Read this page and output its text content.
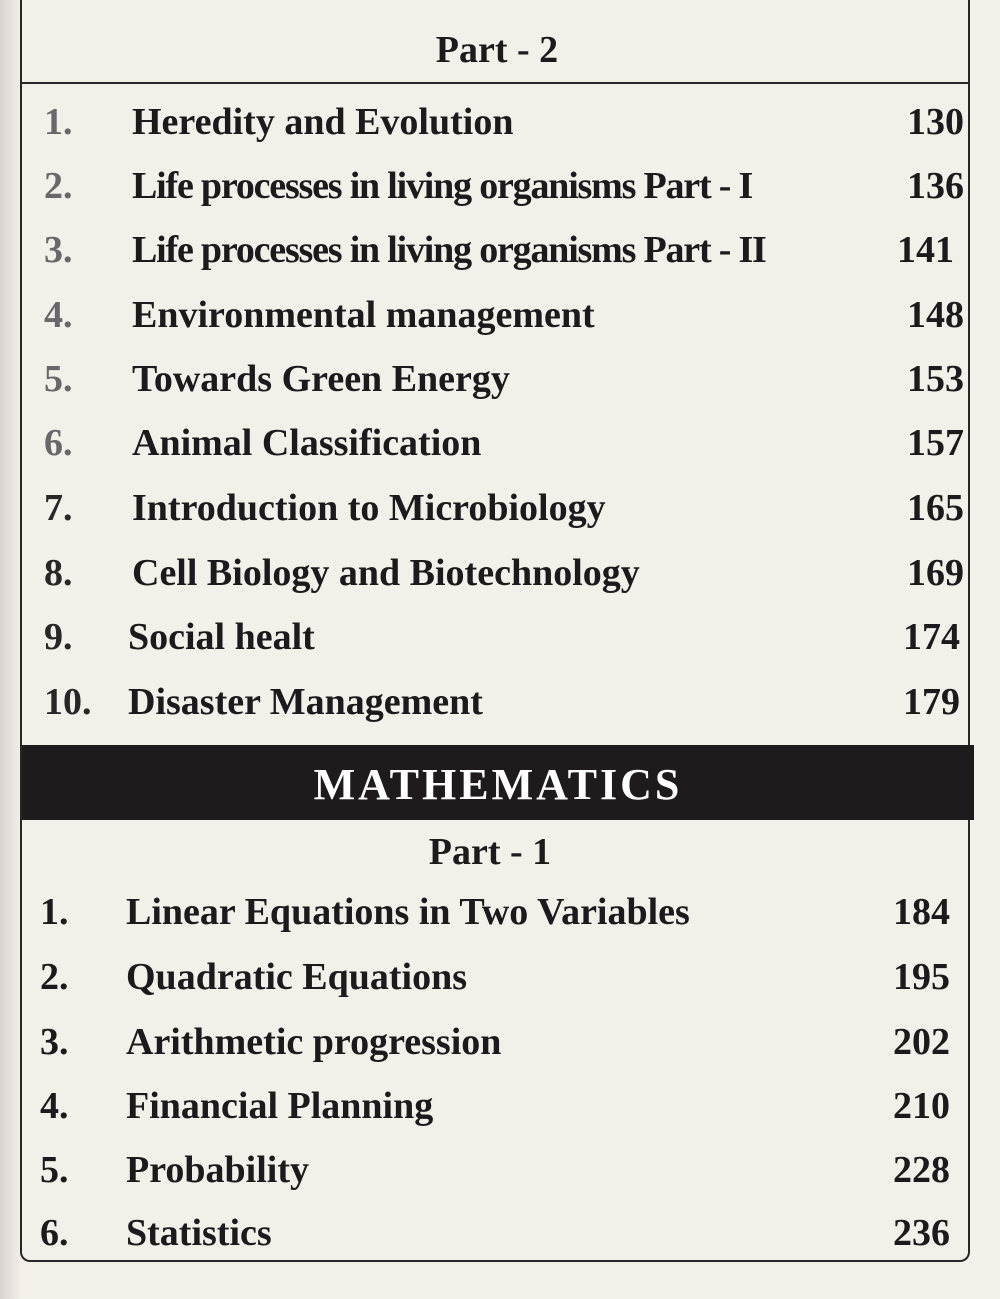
Part - 2
1. Heredity and Evolution	130
2. Life processes in living organisms Part - I	136
3. Life processes in living organisms Part - II	141
4. Environmental management	148
5. Towards Green Energy	153
6. Animal Classification	157
7. Introduction to Microbiology	165
8. Cell Biology and Biotechnology	169
9. Social healt	174
10. Disaster Management	179
MATHEMATICS
Part - 1
1. Linear Equations in Two Variables	184
2. Quadratic Equations	195
3. Arithmetic progression	202
4. Financial Planning	210
5. Probability	228
6. Statistics	236
